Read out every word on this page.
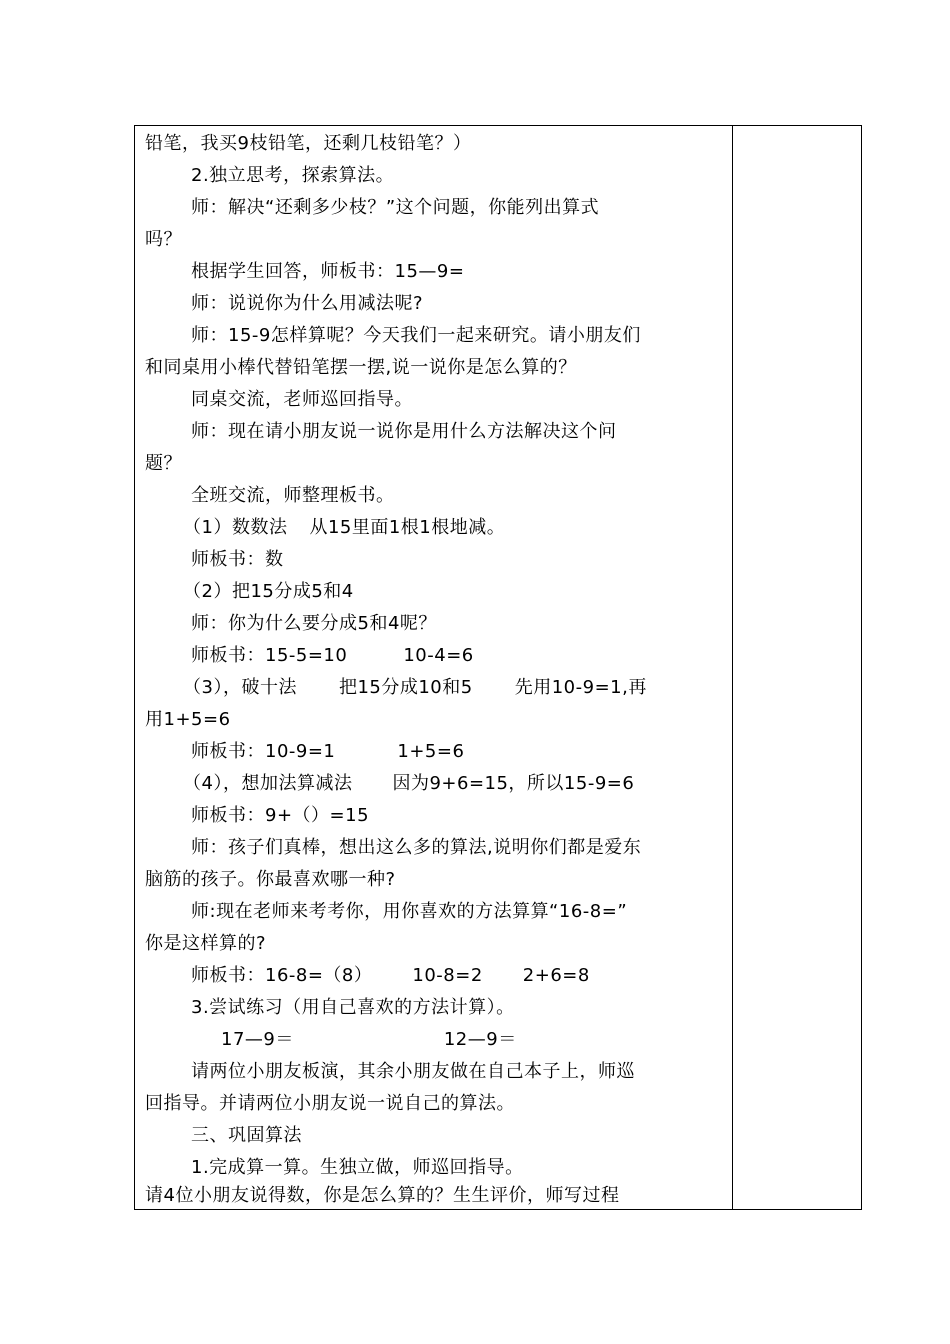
铅笔，我买9枝铅笔，还剩几枝铅笔？）
2.独立思考，探索算法。
师：解决“还剩多少枝？”这个问题，你能列出算式
吗？
根据学生回答，师板书：15—9=
师：说说你为什么用减法呢?
师：15-9怎样算呢？今天我们一起来研究。请小朋友们
和同桌用小棒代替铅笔摆一摆,说一说你是怎么算的？
同桌交流，老师巡回指导。
师：现在请小朋友说一说你是用什么方法解决这个问
题？
全班交流，师整理板书。
（1）数数法 从15里面1根1根地减。
师板书：数
（2）把15分成5和4
师：你为什么要分成5和4呢？
师板书：15-5=10	10-4=6
（3），破十法 把15分成10和5 先用10-9=1,再
用1+5=6
师板书：10-9=1	1+5=6
（4），想加法算减法 因为9+6=15，所以15-9=6
师板书：9+（）=15
师：孩子们真棒，想出这么多的算法,说明你们都是爱东
脑筋的孩子。你最喜欢哪一种?
师:现在老师来考考你，用你喜欢的方法算算“16-8=”
你是这样算的?
师板书：16-8=（8） 10-8=2 2+6=8
3.尝试练习（用自己喜欢的方法计算）。
17—9＝	12—9＝
请两位小朋友板演，其余小朋友做在自己本子上，师巡
回指导。并请两位小朋友说一说自己的算法。
三、巩固算法
1.完成算一算。生独立做，师巡回指导。
请4位小朋友说得数，你是怎么算的？生生评价，师写过程
